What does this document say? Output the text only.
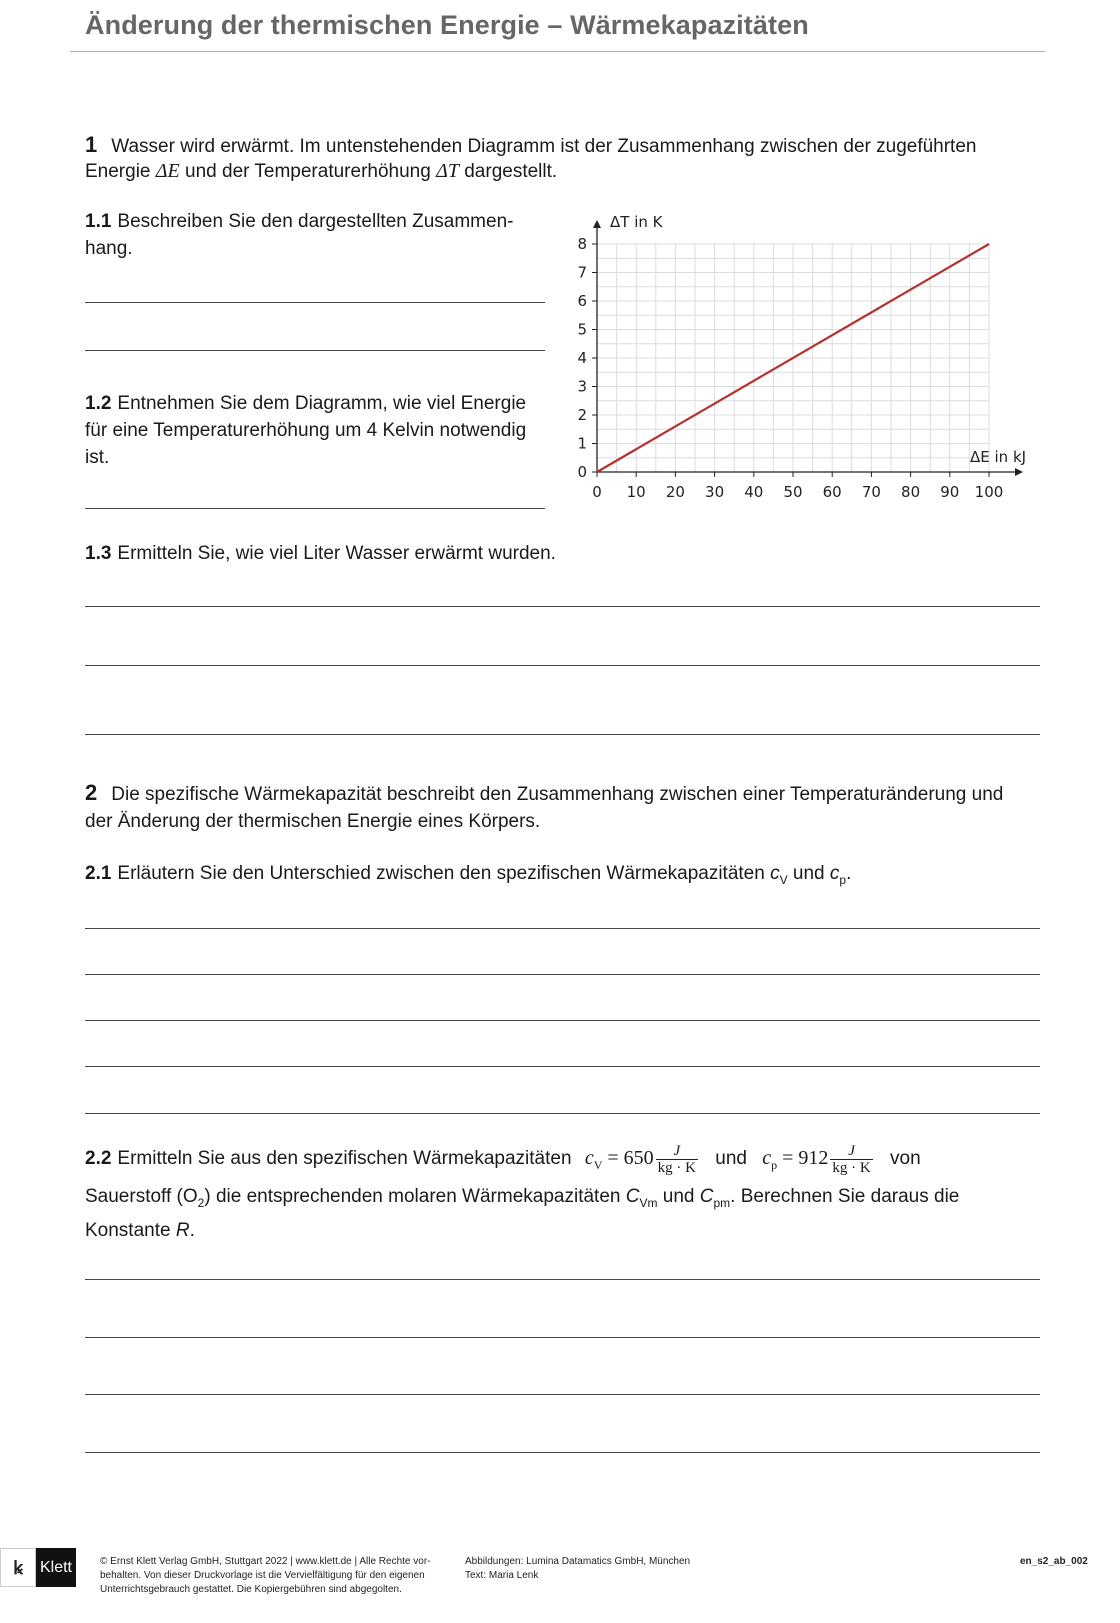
Änderung der thermischen Energie – Wärmekapazitäten
1 Wasser wird erwärmt. Im untenstehenden Diagramm ist der Zusammenhang zwischen der zugeführten
Energie ΔE und der Temperaturerhöhung ΔT dargestellt.
1.1 Beschreiben Sie den dargestellten Zusammen-
hang.
1.2 Entnehmen Sie dem Diagramm, wie viel Energie
für eine Temperaturerhöhung um 4 Kelvin notwendig
ist.
0 10 20 30 40 50 60 70 80 90 100
0
1
2
3
4
5
6
7
8
ΔT in K
ΔE in kJ
1.3 Ermitteln Sie, wie viel Liter Wasser erwärmt wurden.
2 Die spezifische Wärmekapazität beschreibt den Zusammenhang zwischen einer Temperaturänderung und
der Änderung der thermischen Energie eines Körpers.
2.1 Erläutern Sie den Unterschied zwischen den spezifischen Wärmekapazitäten $c_V$ und $c_p$.
2.2 Ermitteln Sie aus den spezifischen Wärmekapazitäten $c_V = 650 \frac{J}{kg \cdot K}$ und $c_p = 912 \frac{J}{kg \cdot K}$ von
Sauerstoff $(O_2)$ die entsprechenden molaren Wärmekapazitäten $C_{Vm}$ und $C_{pm}$. Berechnen Sie daraus die
Konstante R.
ꝃ	Klett	© Ernst Klett Verlag GmbH, Stuttgart 2022 | www.klett.de | Alle Rechte vor-
behalten. Von dieser Druckvorlage ist die Vervielfältigung für den eigenen
Unterrichtsgebrauch gestattet. Die Kopiergebühren sind abgegolten.
Abbildungen: Lumina Datamatics GmbH, München
Text: Maria Lenk
en_s2_ab_002
